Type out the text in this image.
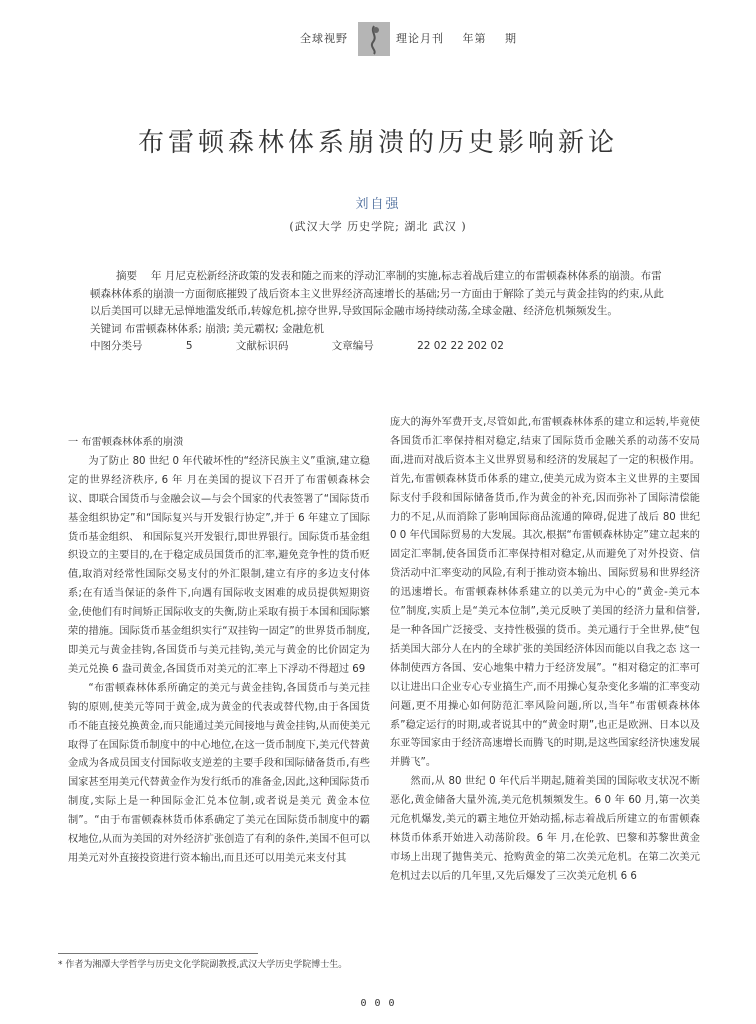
全球视野	理论月刊 年第 期
布雷顿森林体系崩溃的历史影响新论
刘自强
(武汉大学 历史学院; 湖北 武汉 )

摘要 年 月尼克松新经济政策的发表和随之而来的浮动汇率制的实施,标志着战后建立的布雷顿森林体系的崩溃。布雷顿森林体系的崩溃一方面彻底摧毁了战后资本主义世界经济高速增长的基础;另一方面由于解除了美元与黄金挂钩的约束,从此以后美国可以肆无忌惮地滥发纸币,转嫁危机,掠夺世界,导致国际金融市场持续动荡,全球金融、经济危机频频发生。

关键词 布雷顿森林体系; 崩溃; 美元霸权; 金融危机

中图分类号	5	文献标识码	文章编号	22 02 22 202 02

一 布雷顿森林体系的崩溃

为了防止 80 世纪 0 年代破坏性的“经济民族主义”重演,建立稳定的世界经济秩序, 6 年 月在美国的提议下召开了布雷顿森林会议、即联合国货币与金融会议—与会个国家的代表签署了“国际货币基金组织协定”和“国际复兴与开发银行协定”,并于 6 年建立了国际货币基金组织、 和国际复兴开发银行,即世界银行。国际货币基金组织设立的主要目的,在于稳定成员国货币的汇率,避免竞争性的货币贬值,取消对经常性国际交易支付的外汇限制,建立有序的多边支付体系;在有适当保证的条件下,向遇有国际收支困难的成员提供短期资金,使他们有时间矫正国际收支的失衡,防止采取有损于本国和国际繁荣的措施。国际货币基金组织实行“双挂钩一固定”的世界货币制度,即美元与黄金挂钩,各国货币与美元挂钩,美元与黄金的比价固定为 美元兑换 6 盎司黄金,各国货币对美元的汇率上下浮动不得超过 69

“布雷顿森林体系所确定的美元与黄金挂钩,各国货币与美元挂钩的原则,使美元等同于黄金,成为黄金的代表或替代物,由于各国货币不能直接兑换黄金,而只能通过美元间接地与黄金挂钩,从而使美元取得了在国际货币制度中的中心地位,在这一货币制度下,美元代替黄金成为各成员国支付国际收支逆差的主要手段和国际储备货币,有些国家甚至用美元代替黄金作为发行纸币的准备金,因此,这种国际货币制度,实际上是一种国际金汇兑本位制,或者说是美元 黄金本位制”。“由于布雷顿森林货币体系确定了美元在国际货币制度中的霸权地位,从而为美国的对外经济扩张创造了有利的条件,美国不但可以用美元对外直接投资进行资本输出,而且还可以用美元来支付其

庞大的海外军费开支,尽管如此,布雷顿森林体系的建立和运转,毕竟使各国货币汇率保持相对稳定,结束了国际货币金融关系的动荡不安局面,进而对战后资本主义世界贸易和经济的发展起了一定的积极作用。首先,布雷顿森林货币体系的建立,使美元成为资本主义世界的主要国际支付手段和国际储备货币,作为黄金的补充,因而弥补了国际清偿能力的不足,从而消除了影响国际商品流通的障碍,促进了战后 80 世纪 0 0 年代国际贸易的大发展。其次,根据“布雷顿森林协定”建立起来的固定汇率制,使各国货币汇率保持相对稳定,从而避免了对外投资、信贷活动中汇率变动的风险,有利于推动资本输出、国际贸易和世界经济的迅速增长。布雷顿森林体系建立的以美元为中心的“黄金-美元本位”制度,实质上是“美元本位制”,美元反映了美国的经济力量和信誉,是一种各国广泛接受、支持性极强的货币。美元通行于全世界,使“包括美国大部分人在内的全球扩张的美国经济体因而能以自我之态 这一体制使西方各国、安心地集中精力于经济发展”。“相对稳定的汇率可以让进出口企业专心专业搞生产,而不用操心复杂变化多端的汇率变动问题,更不用操心如何防范汇率风险问题,所以,当年“布雷顿森林体系”稳定运行的时期,或者说其中的“黄金时期”,也正是欧洲、日本以及东亚等国家由于经济高速增长而腾飞的时期,是这些国家经济快速发展并腾飞”。

然而,从 80 世纪 0 年代后半期起,随着美国的国际收支状况不断恶化,黄金储备大量外流,美元危机频频发生。6 0 年 60 月,第一次美元危机爆发,美元的霸主地位开始动摇,标志着战后所建立的布雷顿森林货币体系开始进入动荡阶段。6 年 月,在伦敦、巴黎和苏黎世黄金市场上出现了抛售美元、抢购黄金的第二次美元危机。在第二次美元危机过去以后的几年里,又先后爆发了三次美元危机 6 6

* 作者为湘潭大学哲学与历史文化学院副教授,武汉大学历史学院博士生。
0 0 0
